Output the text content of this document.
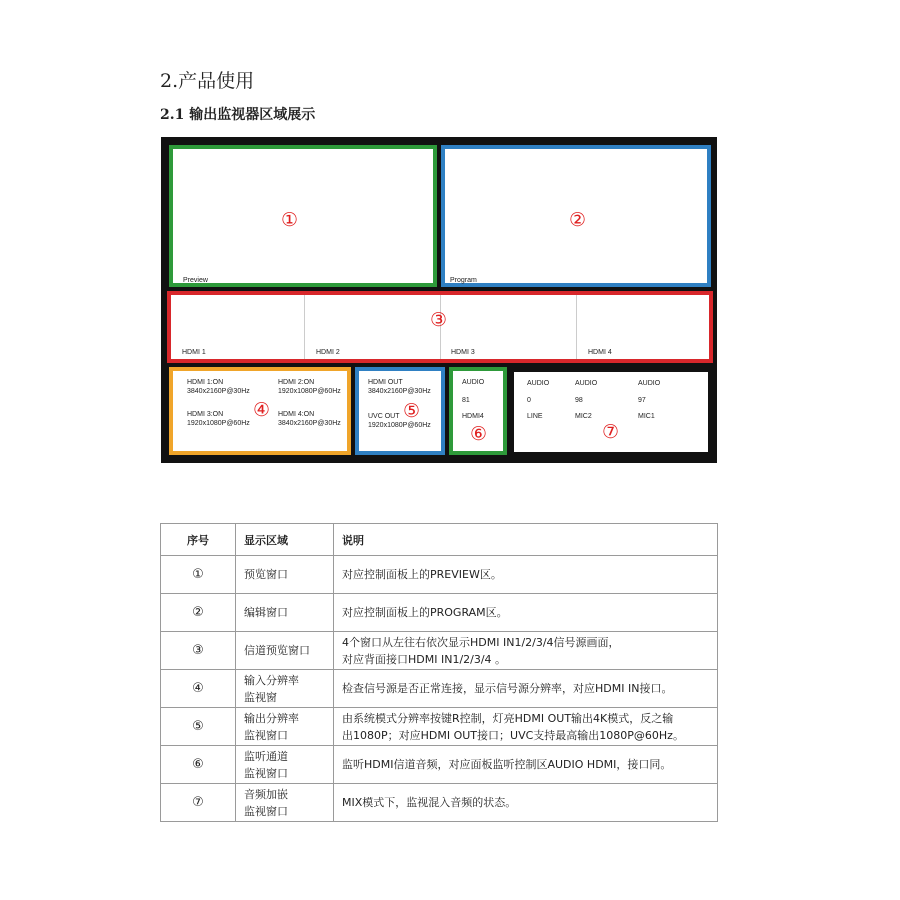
2.产品使用
2.1 输出监视器区域展示
①
Preview
②
Program
③
HDMI 1	HDMI 2	HDMI 3	HDMI 4
HDMI 1:ON
3840x2160P@30Hz
HDMI 2:ON
1920x1080P@60Hz
HDMI 3:ON
1920x1080P@60Hz
HDMI 4:ON
3840x2160P@30Hz
④
HDMI OUT
3840x2160P@30Hz
UVC OUT
1920x1080P@60Hz
⑤
AUDIO
81
HDMI4
⑥
AUDIO
0
LINE
AUDIO
98
MIC2
AUDIO
97
MIC1
⑦
序号	显示区域	说明
①	预览窗口	对应控制面板上的PREVIEW区。

②	编辑窗口	对应控制面板上的PROGRAM区。

③	信道预览窗口	4个窗口从左往右依次显示HDMI IN1/2/3/4信号源画面，
对应背面接口HDMI IN1/2/3/4 。

④	输入分辨率
监视窗	检查信号源是否正常连接，显示信号源分辨率，对应HDMI IN接口。

⑤	输出分辨率
监视窗口	由系统模式分辨率按键R控制，灯亮HDMI OUT输出4K模式，反之输
出1080P；对应HDMI OUT接口；UVC支持最高输出1080P@60Hz。

⑥	监听通道
监视窗口	监听HDMI信道音频，对应面板监听控制区AUDIO HDMI，接口同。

⑦	音频加嵌
监视窗口	MIX模式下，监视混入音频的状态。
